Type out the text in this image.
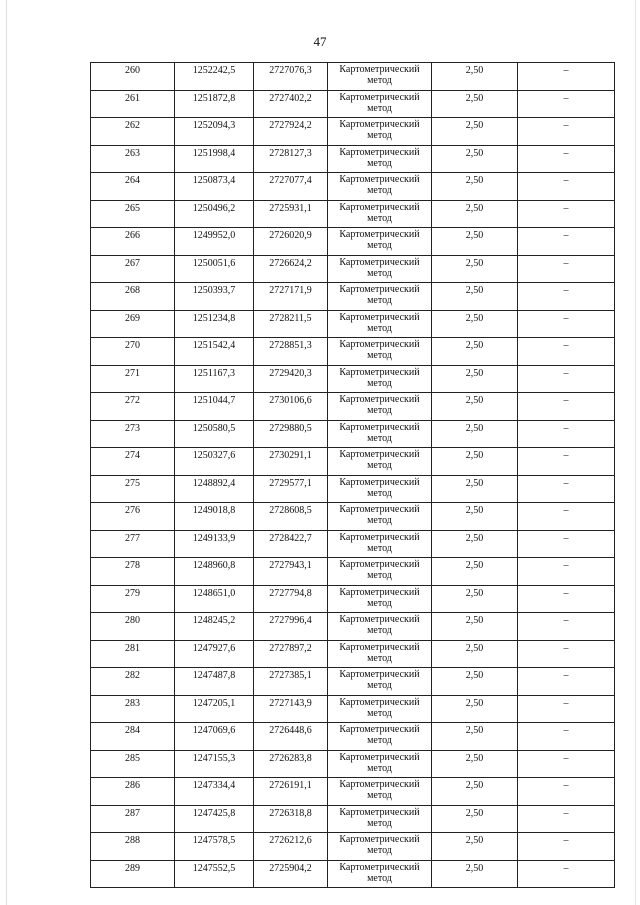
47
260	1252242,5	2727076,3	Картометрический метод	2,50	–
261	1251872,8	2727402,2	Картометрический метод	2,50	–
262	1252094,3	2727924,2	Картометрический метод	2,50	–
263	1251998,4	2728127,3	Картометрический метод	2,50	–
264	1250873,4	2727077,4	Картометрический метод	2,50	–
265	1250496,2	2725931,1	Картометрический метод	2,50	–
266	1249952,0	2726020,9	Картометрический метод	2,50	–
267	1250051,6	2726624,2	Картометрический метод	2,50	–
268	1250393,7	2727171,9	Картометрический метод	2,50	–
269	1251234,8	2728211,5	Картометрический метод	2,50	–
270	1251542,4	2728851,3	Картометрический метод	2,50	–
271	1251167,3	2729420,3	Картометрический метод	2,50	–
272	1251044,7	2730106,6	Картометрический метод	2,50	–
273	1250580,5	2729880,5	Картометрический метод	2,50	–
274	1250327,6	2730291,1	Картометрический метод	2,50	–
275	1248892,4	2729577,1	Картометрический метод	2,50	–
276	1249018,8	2728608,5	Картометрический метод	2,50	–
277	1249133,9	2728422,7	Картометрический метод	2,50	–
278	1248960,8	2727943,1	Картометрический метод	2,50	–
279	1248651,0	2727794,8	Картометрический метод	2,50	–
280	1248245,2	2727996,4	Картометрический метод	2,50	–
281	1247927,6	2727897,2	Картометрический метод	2,50	–
282	1247487,8	2727385,1	Картометрический метод	2,50	–
283	1247205,1	2727143,9	Картометрический метод	2,50	–
284	1247069,6	2726448,6	Картометрический метод	2,50	–
285	1247155,3	2726283,8	Картометрический метод	2,50	–
286	1247334,4	2726191,1	Картометрический метод	2,50	–
287	1247425,8	2726318,8	Картометрический метод	2,50	–
288	1247578,5	2726212,6	Картометрический метод	2,50	–
289	1247552,5	2725904,2	Картометрический метод	2,50	–
